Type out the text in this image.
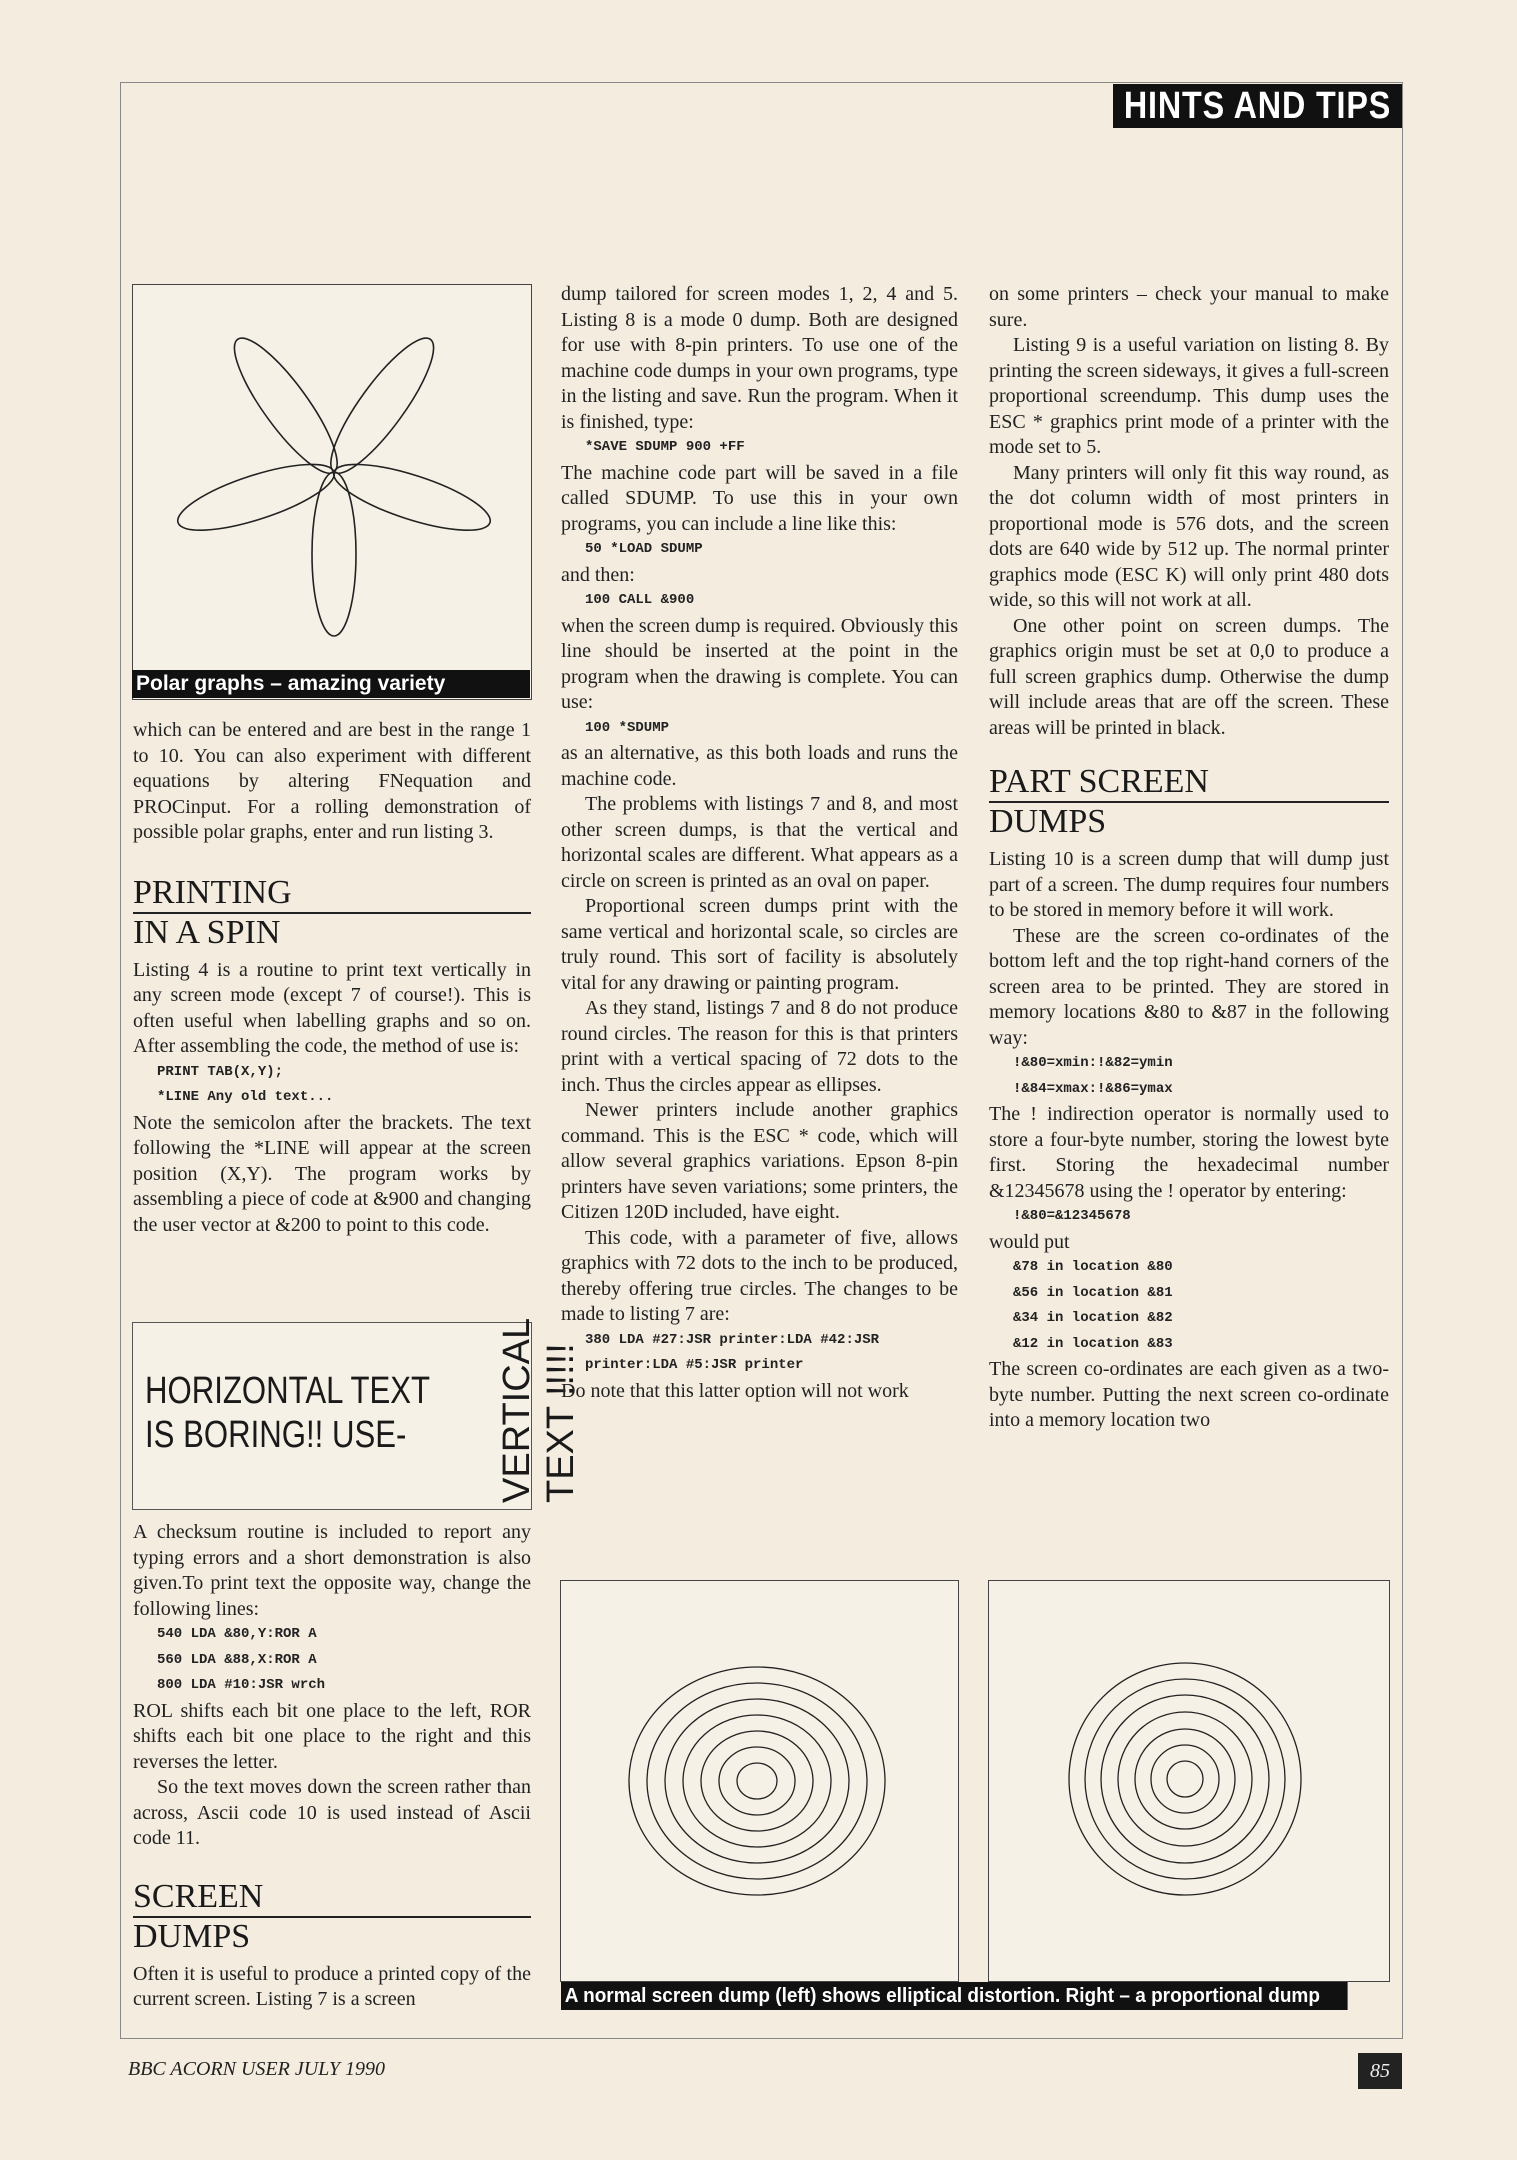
HINTS AND TIPS
Polar graphs – amazing variety

which can be entered and are best in the range 1 to 10. You can also experiment with different equations by altering FNequation and PROCinput. For a rolling demonstration of possible polar graphs, enter and run listing 3.

PRINTING
IN A SPIN

Listing 4 is a routine to print text vertically in any screen mode (except 7 of course!). This is often useful when labelling graphs and so on. After assembling the code, the method of use is:

PRINT TAB(X,Y);
*LINE Any old text...

Note the semicolon after the brackets. The text following the *LINE will appear at the screen position (X,Y). The program works by assembling a piece of code at &900 and changing the user vector at &200 to point to this code.

HORIZONTAL TEXT
IS BORING!! USE-	VERTICAL TEXT !!!!!

A checksum routine is included to report any typing errors and a short demonstration is also given.To print text the opposite way, change the following lines:

540 LDA &80,Y:ROR A
560 LDA &88,X:ROR A
800 LDA #10:JSR wrch

ROL shifts each bit one place to the left, ROR shifts each bit one place to the right and this reverses the letter.

So the text moves down the screen rather than across, Ascii code 10 is used instead of Ascii code 11.

SCREEN
DUMPS

Often it is useful to produce a printed copy of the current screen. Listing 7 is a screen

dump tailored for screen modes 1, 2, 4 and 5. Listing 8 is a mode 0 dump. Both are designed for use with 8-pin printers. To use one of the machine code dumps in your own programs, type in the listing and save. Run the program. When it is finished, type:

*SAVE SDUMP 900 +FF

The machine code part will be saved in a file called SDUMP. To use this in your own programs, you can include a line like this:

50 *LOAD SDUMP

and then:

100 CALL &900

when the screen dump is required. Obviously this line should be inserted at the point in the program when the drawing is complete. You can use:

100 *SDUMP

as an alternative, as this both loads and runs the machine code.

The problems with listings 7 and 8, and most other screen dumps, is that the vertical and horizontal scales are different. What appears as a circle on screen is printed as an oval on paper.

Proportional screen dumps print with the same vertical and horizontal scale, so circles are truly round. This sort of facility is absolutely vital for any drawing or painting program.

As they stand, listings 7 and 8 do not produce round circles. The reason for this is that printers print with a vertical spacing of 72 dots to the inch. Thus the circles appear as ellipses.

Newer printers include another graphics command. This is the ESC * code, which will allow several graphics variations. Epson 8-pin printers have seven variations; some printers, the Citizen 120D included, have eight.

This code, with a parameter of five, allows graphics with 72 dots to the inch to be produced, thereby offering true circles. The changes to be made to listing 7 are:

380 LDA #27:JSR printer:LDA #42:JSR
printer:LDA #5:JSR printer

Do note that this latter option will not work

on some printers – check your manual to make sure.

Listing 9 is a useful variation on listing 8. By printing the screen sideways, it gives a full-screen proportional screendump. This dump uses the ESC * graphics print mode of a printer with the mode set to 5.

Many printers will only fit this way round, as the dot column width of most printers in proportional mode is 576 dots, and the screen dots are 640 wide by 512 up. The normal printer graphics mode (ESC K) will only print 480 dots wide, so this will not work at all.

One other point on screen dumps. The graphics origin must be set at 0,0 to produce a full screen graphics dump. Otherwise the dump will include areas that are off the screen. These areas will be printed in black.

PART SCREEN
DUMPS

Listing 10 is a screen dump that will dump just part of a screen. The dump requires four numbers to be stored in memory before it will work.

These are the screen co-ordinates of the bottom left and the top right-hand corners of the screen area to be printed. They are stored in memory locations &80 to &87 in the following way:

!&80=xmin:!&82=ymin
!&84=xmax:!&86=ymax

The ! indirection operator is normally used to store a four-byte number, storing the lowest byte first. Storing the hexadecimal number &12345678 using the ! operator by entering:

!&80=&12345678

would put

&78 in location &80
&56 in location &81
&34 in location &82
&12 in location &83

The screen co-ordinates are each given as a two-byte number. Putting the next screen co-ordinate into a memory location two

A normal screen dump (left) shows elliptical distortion. Right – a proportional dump
BBC ACORN USER JULY 1990	85
